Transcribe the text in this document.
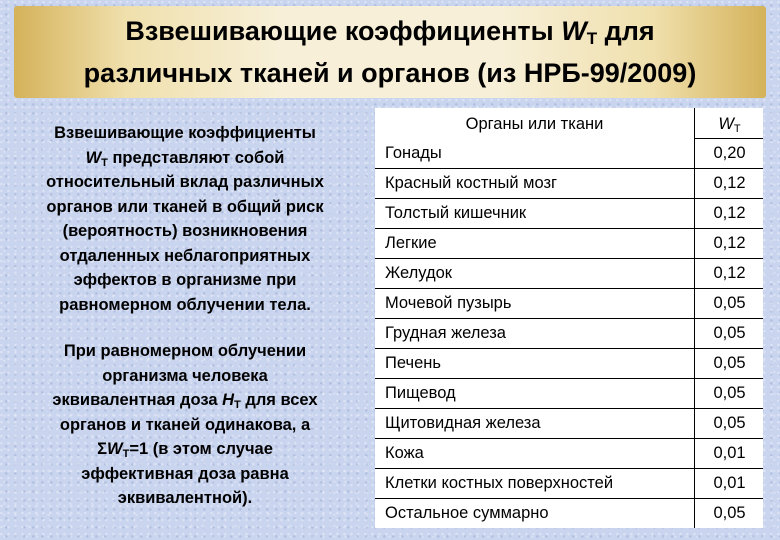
Взвешивающие коэффициенты $W_T$ для
различных тканей и органов (из НРБ-99/2009)
Взвешивающие коэффициенты
$W_T$ представляют собой
относительный вклад различных
органов или тканей в общий риск
(вероятность) возникновения
отдаленных неблагоприятных
эффектов в организме при
равномерном облучении тела.
При равномерном облучении
организма человека
эквивалентная доза $H_T$ для всех
органов и тканей одинакова, а
$\Sigma W_T=1$ (в этом случае
эффективная доза равна
эквивалентной).
Органы или ткани	$W_T$
Гонады	0,20
Красный костный мозг	0,12
Толстый кишечник	0,12
Легкие	0,12
Желудок	0,12
Мочевой пузырь	0,05
Грудная железа	0,05
Печень	0,05
Пищевод	0,05
Щитовидная железа	0,05
Кожа	0,01
Клетки костных поверхностей	0,01
Остальное суммарно	0,05
